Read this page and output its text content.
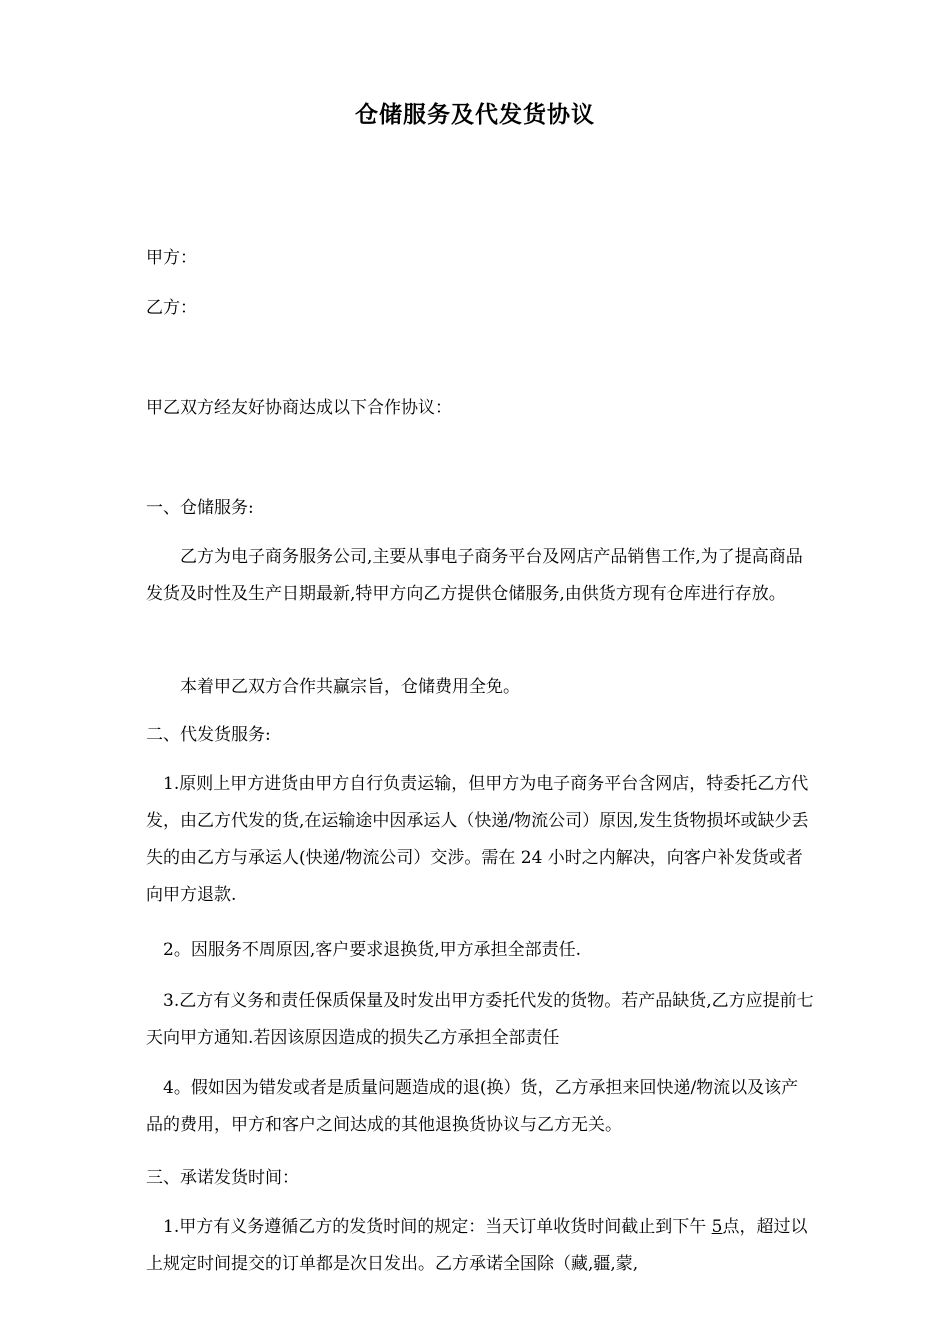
仓储服务及代发货协议
甲方：
乙方：
甲乙双方经友好协商达成以下合作协议：
一、仓储服务:

乙方为电子商务服务公司,主要从事电子商务平台及网店产品销售工作,为了提高商品发货及时性及生产日期最新,特甲方向乙方提供仓储服务,由供货方现有仓库进行存放。

本着甲乙双方合作共赢宗旨，仓储费用全免。

二、代发货服务:

1.原则上甲方进货由甲方自行负责运输，但甲方为电子商务平台含网店，特委托乙方代发，由乙方代发的货,在运输途中因承运人（快递/物流公司）原因,发生货物损坏或缺少丢失的由乙方与承运人(快递/物流公司）交涉。需在 24 小时之内解决，向客户补发货或者向甲方退款.

2。因服务不周原因,客户要求退换货,甲方承担全部责任.

3.乙方有义务和责任保质保量及时发出甲方委托代发的货物。若产品缺货,乙方应提前七天向甲方通知.若因该原因造成的损失乙方承担全部责任

4。假如因为错发或者是质量问题造成的退(换）货，乙方承担来回快递/物流以及该产品的费用，甲方和客户之间达成的其他退换货协议与乙方无关。

三、承诺发货时间：

1.甲方有义务遵循乙方的发货时间的规定：当天订单收货时间截止到下午 5点，超过以上规定时间提交的订单都是次日发出。乙方承诺全国除（藏,疆,蒙,
